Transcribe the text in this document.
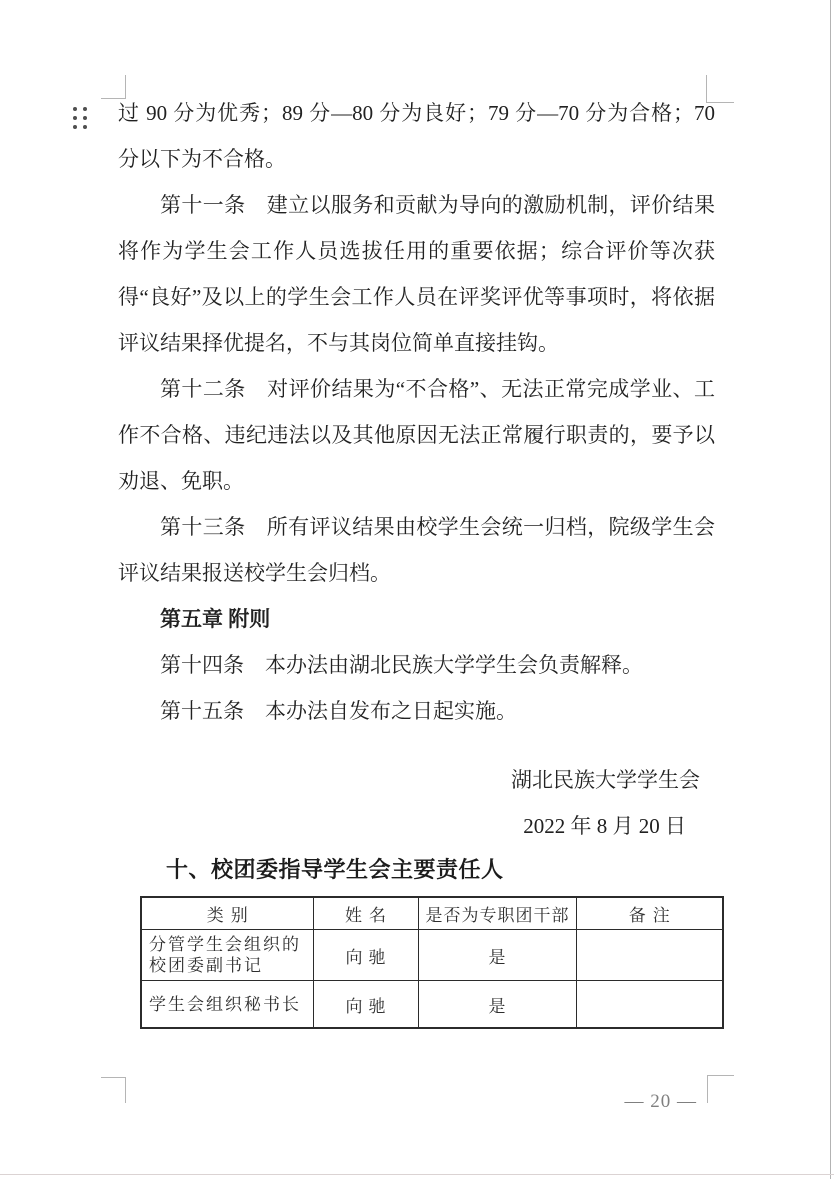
过 90 分为优秀；89 分—80 分为良好；79 分—70 分为合格；70 分以下为不合格。

第十一条　建立以服务和贡献为导向的激励机制，评价结果将作为学生会工作人员选拔任用的重要依据；综合评价等次获得“良好”及以上的学生会工作人员在评奖评优等事项时，将依据评议结果择优提名，不与其岗位简单直接挂钩。

第十二条　对评价结果为“不合格”、无法正常完成学业、工作不合格、违纪违法以及其他原因无法正常履行职责的，要予以劝退、免职。

第十三条　所有评议结果由校学生会统一归档，院级学生会评议结果报送校学生会归档。

第五章 附则

第十四条　本办法由湖北民族大学学生会负责解释。

第十五条　本办法自发布之日起实施。

湖北民族大学学生会
2022 年 8 月 20 日
十、校团委指导学生会主要责任人
类别	姓名	是否为专职团干部	备注
分管学生会组织的校团委副书记	向驰	是	
学生会组织秘书长	向驰	是	
— 20 —
